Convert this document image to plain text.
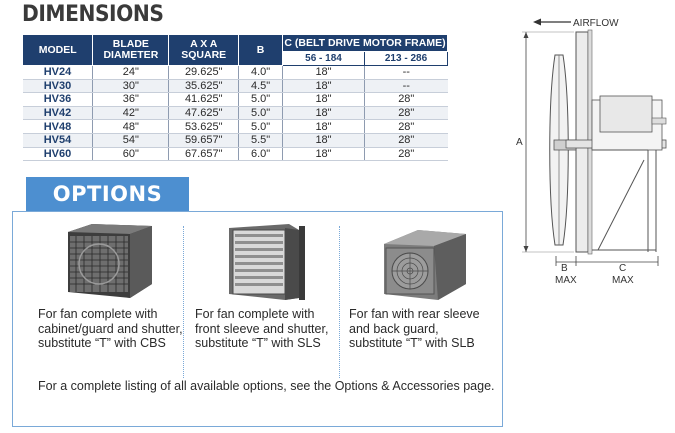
DIMENSIONS
MODEL	BLADE DIAMETER	A X A SQUARE	B	C (BELT DRIVE MOTOR FRAME)	
				56 - 184	213 - 286
HV24	24"	29.625"	4.0"	18"	--
HV30	30"	35.625"	4.5"	18"	--
HV36	36"	41.625"	5.0"	18"	28"
HV42	42"	47.625"	5.0"	18"	28"
HV48	48"	53.625"	5.0"	18"	28"
HV54	54"	59.657"	5.5"	18"	28"
HV60	60"	67.657"	6.0"	18"	28"
OPTIONS
For fan complete with cabinet/guard and shutter, substitute “T” with CBS
For fan complete with front sleeve and shutter, substitute “T” with SLS
For fan with rear sleeve and back guard, substitute “T” with SLB
For a complete listing of all available options, see the Options & Accessories page.
AIRFLOW
A
B
MAX
C
MAX
